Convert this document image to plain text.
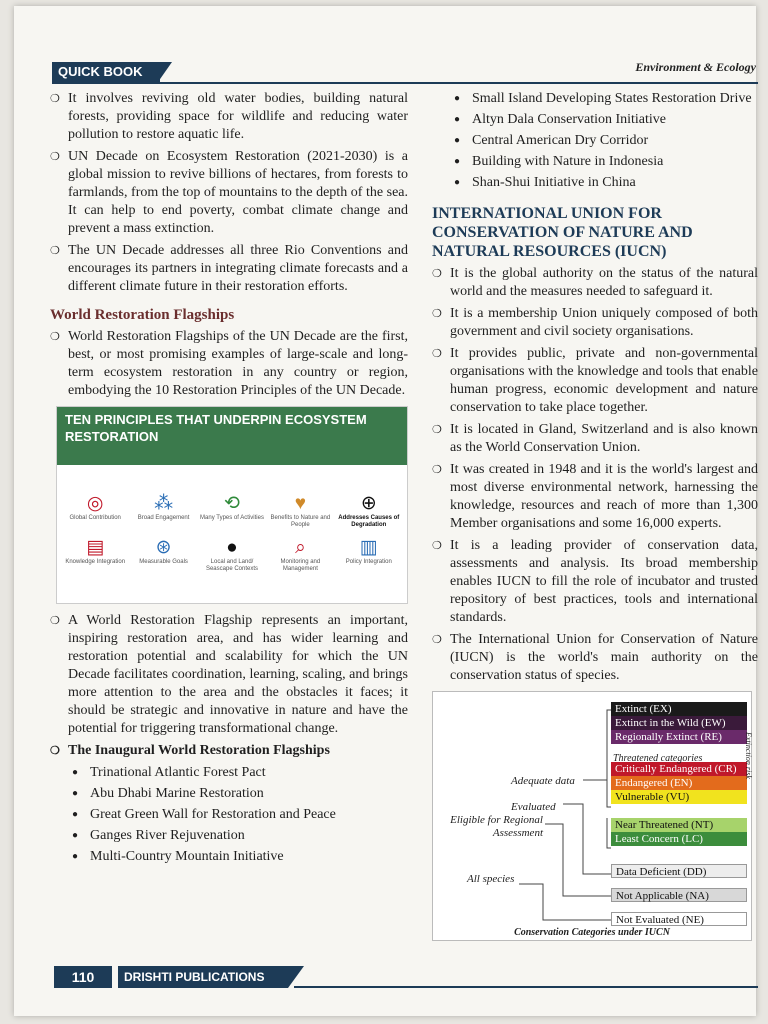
QUICK BOOK	Environment & Ecology
❍ It involves reviving old water bodies, building natural forests, providing space for wildlife and reducing water pollution to restore aquatic life.
❍ UN Decade on Ecosystem Restoration (2021-2030) is a global mission to revive billions of hectares, from forests to farmlands, from the top of mountains to the depth of the sea. It can help to end poverty, combat climate change and prevent a mass extinction.
❍ The UN Decade addresses all three Rio Conventions and encourages its partners in integrating climate forecasts and a different climate future in their restoration efforts.
World Restoration Flagships
❍ World Restoration Flagships of the UN Decade are the first, best, or most promising examples of large-scale and long-term ecosystem restoration in any country or region, embodying the 10 Restoration Principles of the UN Decade.
TEN PRINCIPLES THAT UNDERPIN ECOSYSTEM RESTORATION
◎
Global Contribution
⁂
Broad Engagement
⟲
Many Types of Activities
♥
Benefits to Nature and People
⊕
Addresses Causes of Degradation
▤
Knowledge Integration
⊛
Measurable Goals
●
Local and Land/ Seascape Contexts
⌕
Monitoring and Management
▥
Policy Integration
❍ A World Restoration Flagship represents an important, inspiring restoration area, and has wider learning and restoration potential and scalability for which the UN Decade facilitates coordination, learning, scaling, and brings more attention to the area and the obstacles it faces; it should be strategic and innovative in nature and have the potential for triggering transformational change.
❍ The Inaugural World Restoration Flagships
● Trinational Atlantic Forest Pact
● Abu Dhabi Marine Restoration
● Great Green Wall for Restoration and Peace
● Ganges River Rejuvenation
● Multi-Country Mountain Initiative
● Small Island Developing States Restoration Drive
● Altyn Dala Conservation Initiative
● Central American Dry Corridor
● Building with Nature in Indonesia
● Shan-Shui Initiative in China
INTERNATIONAL UNION FOR CONSERVATION OF NATURE AND NATURAL RESOURCES (IUCN)
❍ It is the global authority on the status of the natural world and the measures needed to safeguard it.
❍ It is a membership Union uniquely composed of both government and civil society organisations.
❍ It provides public, private and non-governmental organisations with the knowledge and tools that enable human progress, economic development and nature conservation to take place together.
❍ It is located in Gland, Switzerland and is also known as the World Conservation Union.
❍ It was created in 1948 and it is the world's largest and most diverse environmental network, harnessing the knowledge, resources and reach of more than 1,300 Member organisations and some 16,000 experts.
❍ It is a leading provider of conservation data, assessments and analysis. Its broad membership enables IUCN to fill the role of incubator and trusted repository of best practices, tools and international standards.
❍ The International Union for Conservation of Nature (IUCN) is the world's main authority on the conservation status of species.
Extinct (EX)
Extinct in the Wild (EW)
Regionally Extinct (RE)
Critically Endangered (CR)
Endangered (EN)
Vulnerable (VU)
Near Threatened (NT)
Least Concern (LC)
Data Deficient (DD)
Not Applicable (NA)
Not Evaluated (NE)
Threatened categories
Adequate data
Evaluated
Eligible for Regional Assessment
All species
Conservation Categories under IUCN
Extinction risk
110	DRISHTI PUBLICATIONS
